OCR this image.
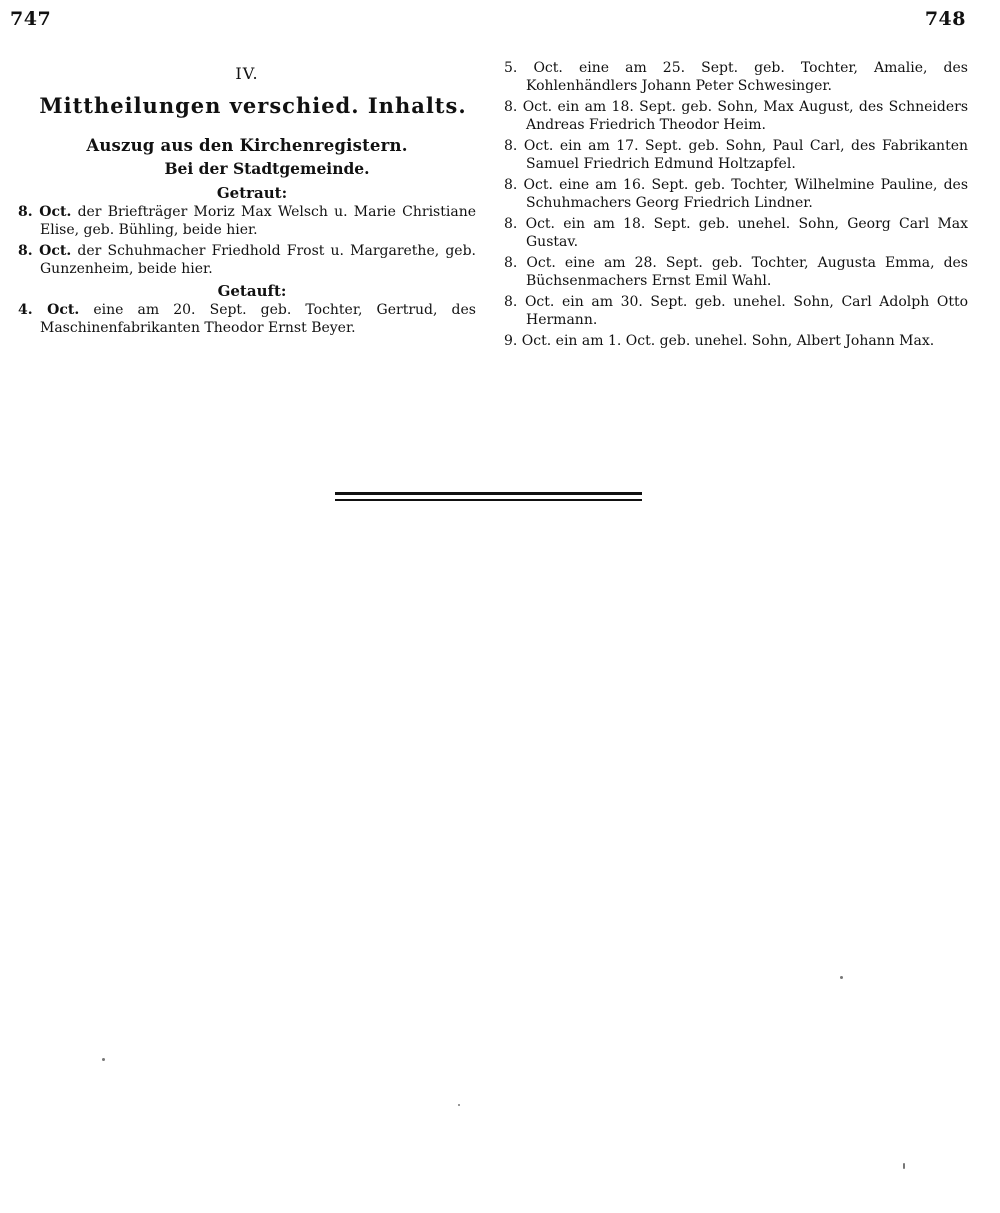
747	748
IV.
Mittheilungen verschied. Inhalts.
Auszug aus den Kirchenregistern.
Bei der Stadtgemeinde.
Getraut:
8. Oct. der Briefträger Moriz Max Welsch u. Marie Christiane Elise, geb. Bühling, beide hier.
8. Oct. der Schuhmacher Friedhold Frost u. Margarethe, geb. Gunzenheim, beide hier.
Getauft:
4. Oct. eine am 20. Sept. geb. Tochter, Gertrud, des Maschinenfabrikanten Theodor Ernst Beyer.
5. Oct. eine am 25. Sept. geb. Tochter, Amalie, des Kohlenhändlers Johann Peter Schwesinger.
8. Oct. ein am 18. Sept. geb. Sohn, Max August, des Schneiders Andreas Friedrich Theodor Heim.
8. Oct. ein am 17. Sept. geb. Sohn, Paul Carl, des Fabrikanten Samuel Friedrich Edmund Holtzapfel.
8. Oct. eine am 16. Sept. geb. Tochter, Wilhelmine Pauline, des Schuhmachers Georg Friedrich Lindner.
8. Oct. ein am 18. Sept. geb. unehel. Sohn, Georg Carl Max Gustav.
8. Oct. eine am 28. Sept. geb. Tochter, Augusta Emma, des Büchsenmachers Ernst Emil Wahl.
8. Oct. ein am 30. Sept. geb. unehel. Sohn, Carl Adolph Otto Hermann.
9. Oct. ein am 1. Oct. geb. unehel. Sohn, Albert Johann Max.
